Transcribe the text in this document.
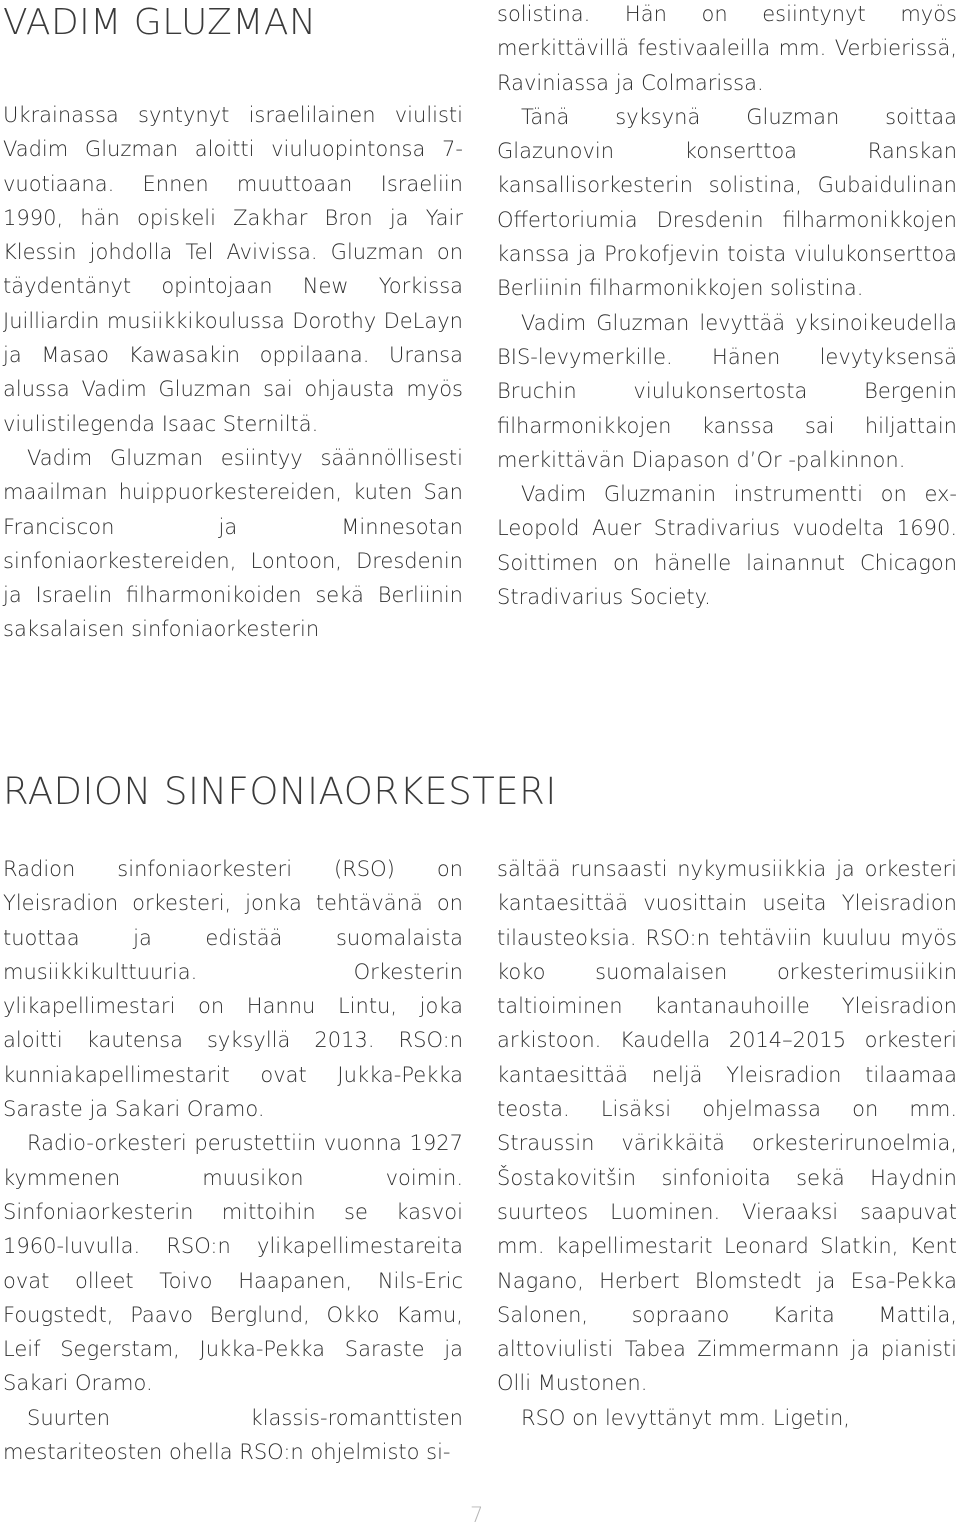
VADIM GLUZMAN

Ukrainassa syntynyt israelilainen viulisti Vadim Gluzman aloitti viuluopintonsa 7-vuotiaana. Ennen muuttoaan Israeliin 1990, hän opiskeli Zakhar Bron ja Yair Klessin johdolla Tel Avivissa. Gluzman on täydentänyt opintojaan New Yorkissa Juilliardin musiikkikoulussa Dorothy DeLayn ja Masao Kawasakin oppilaana. Uransa alussa Vadim Gluzman sai ohjausta myös viulistilegenda Isaac Sterniltä.

Vadim Gluzman esiintyy säännöllisesti maailman huippuorkestereiden, kuten San Franciscon ja Minnesotan sinfoniaorkestereiden, Lontoon, Dresdenin ja Israelin filharmonikoiden sekä Berliinin saksalaisen sinfoniaorkesterin

solistina. Hän on esiintynyt myös merkittävillä festivaaleilla mm. Verbierissä, Raviniassa ja Colmarissa.

Tänä syksynä Gluzman soittaa Glazunovin konserttoa Ranskan kansallisorkesterin solistina, Gubaidulinan Offertoriumia Dresdenin filharmonikkojen kanssa ja Prokofjevin toista viulukonserttoa Berliinin filharmonikkojen solistina.

Vadim Gluzman levyttää yksinoikeudella BIS-levymerkille. Hänen levytyksensä Bruchin viulukonsertosta Bergenin filharmonikkojen kanssa sai hiljattain merkittävän Diapason d’Or -palkinnon.

Vadim Gluzmanin instrumentti on ex-Leopold Auer Stradivarius vuodelta 1690. Soittimen on hänelle lainannut Chicagon Stradivarius Society.

RADION SINFONIAORKESTERI

Radion sinfoniaorkesteri (RSO) on Yleisradion orkesteri, jonka tehtävänä on tuottaa ja edistää suomalaista musiikkikulttuuria. Orkesterin ylikapellimestari on Hannu Lintu, joka aloitti kautensa syksyllä 2013. RSO:n kunniakapellimestarit ovat Jukka-Pekka Saraste ja Sakari Oramo.

Radio-orkesteri perustettiin vuonna 1927 kymmenen muusikon voimin. Sinfoniaorkesterin mittoihin se kasvoi 1960-luvulla. RSO:n ylikapellimestareita ovat olleet Toivo Haapanen, Nils-Eric Fougstedt, Paavo Berglund, Okko Kamu, Leif Segerstam, Jukka-Pekka Saraste ja Sakari Oramo.

Suurten klassis-romanttisten mestariteosten ohella RSO:n ohjelmisto si-

sältää runsaasti nykymusiikkia ja orkesteri kantaesittää vuosittain useita Yleisradion tilausteoksia. RSO:n tehtäviin kuuluu myös koko suomalaisen orkesterimusiikin taltioiminen kantanauhoille Yleisradion arkistoon. Kaudella 2014–2015 orkesteri kantaesittää neljä Yleisradion tilaamaa teosta. Lisäksi ohjelmassa on mm. Straussin värikkäitä orkesterirunoelmia, Šostakovitšin sinfonioita sekä Haydnin suurteos Luominen. Vieraaksi saapuvat mm. kapellimestarit Leonard Slatkin, Kent Nagano, Herbert Blomstedt ja Esa-Pekka Salonen, sopraano Karita Mattila, alttoviulisti Tabea Zimmermann ja pianisti Olli Mustonen.

RSO on levyttänyt mm. Ligetin,

7
